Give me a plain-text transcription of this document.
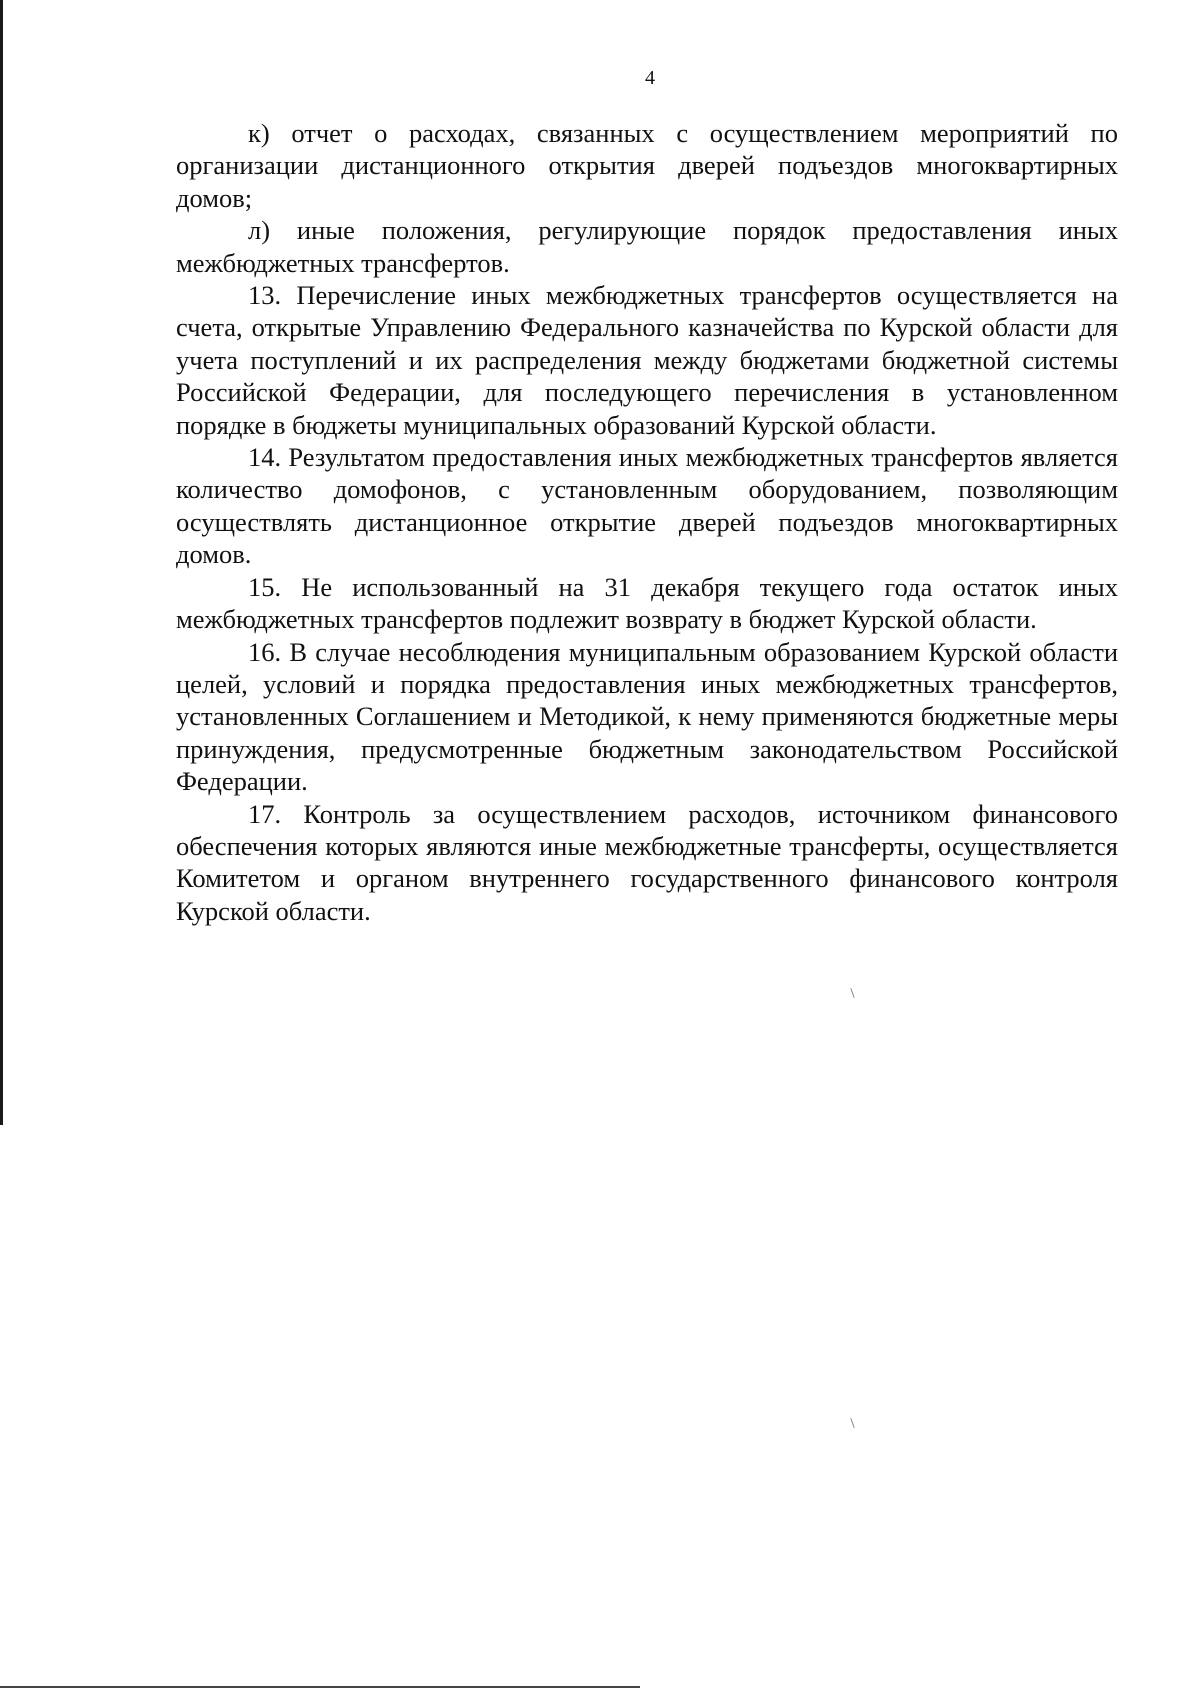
4

к) отчет о расходах, связанных с осуществлением мероприятий по организации дистанционного открытия дверей подъездов многоквартирных домов;

л) иные положения, регулирующие порядок предоставления иных межбюджетных трансфертов.

13. Перечисление иных межбюджетных трансфертов осуществляется на счета, открытые Управлению Федерального казначейства по Курской области для учета поступлений и их распределения между бюджетами бюджетной системы Российской Федерации, для последующего перечисления в установленном порядке в бюджеты муниципальных образований Курской области.

14. Результатом предоставления иных межбюджетных трансфертов является количество домофонов, с установленным оборудованием, позволяющим осуществлять дистанционное открытие дверей подъездов многоквартирных домов.

15. Не использованный на 31 декабря текущего года остаток иных межбюджетных трансфертов подлежит возврату в бюджет Курской области.

16. В случае несоблюдения муниципальным образованием Курской области целей, условий и порядка предоставления иных межбюджетных трансфертов, установленных Соглашением и Методикой, к нему применяются бюджетные меры принуждения, предусмотренные бюджетным законодательством Российской Федерации.

17. Контроль за осуществлением расходов, источником финансового обеспечения которых являются иные межбюджетные трансферты, осуществляется Комитетом и органом внутреннего государственного финансового контроля Курской области.
